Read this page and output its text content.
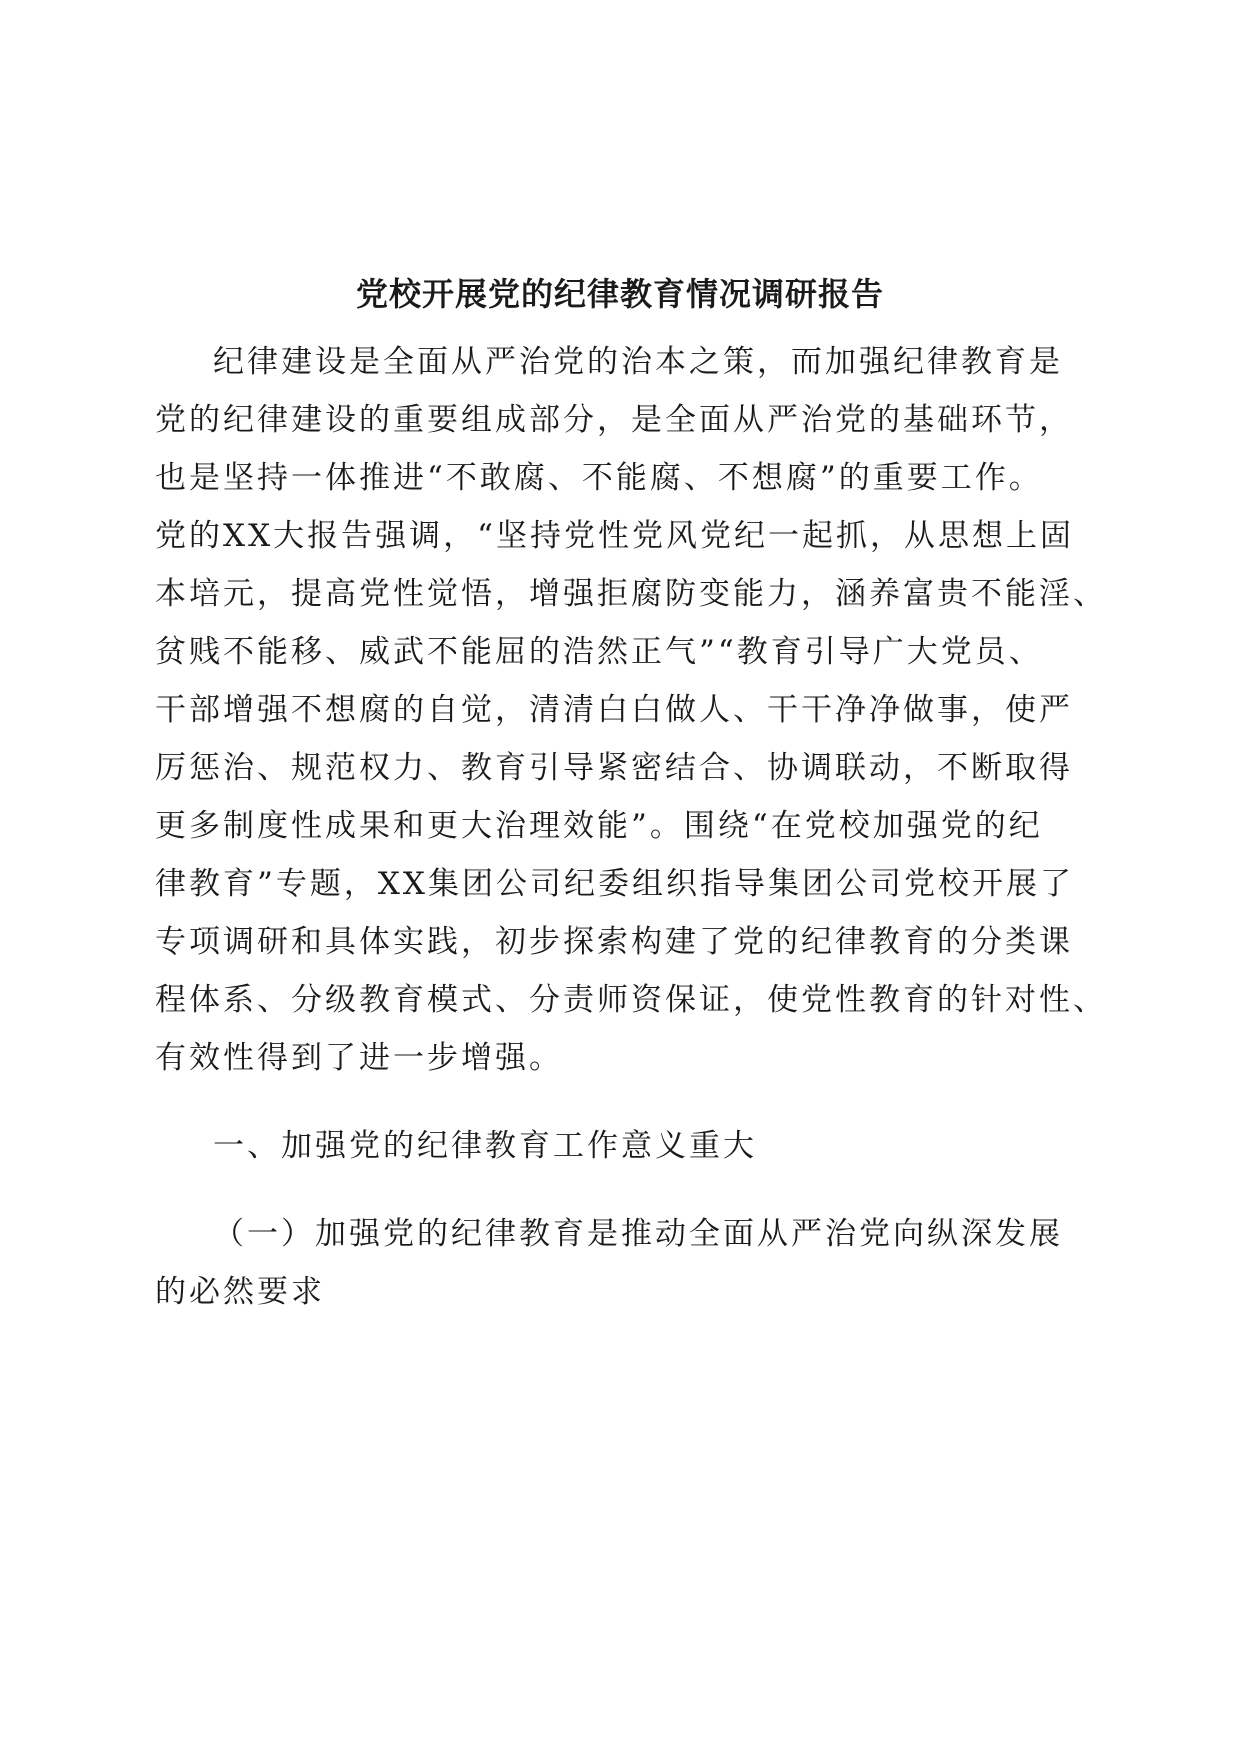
党校开展党的纪律教育情况调研报告

纪律建设是全面从严治党的治本之策，而加强纪律教育是

党的纪律建设的重要组成部分，是全面从严治党的基础环节，

也是坚持一体推进“不敢腐、不能腐、不想腐”的重要工作。

党的XX大报告强调，“坚持党性党风党纪一起抓，从思想上固

本培元，提高党性觉悟，增强拒腐防变能力，涵养富贵不能淫、

贫贱不能移、威武不能屈的浩然正气”“教育引导广大党员、

干部增强不想腐的自觉，清清白白做人、干干净净做事，使严

厉惩治、规范权力、教育引导紧密结合、协调联动，不断取得

更多制度性成果和更大治理效能”。围绕“在党校加强党的纪

律教育”专题，XX集团公司纪委组织指导集团公司党校开展了

专项调研和具体实践，初步探索构建了党的纪律教育的分类课

程体系、分级教育模式、分责师资保证，使党性教育的针对性、

有效性得到了进一步增强。

一、加强党的纪律教育工作意义重大

（一）加强党的纪律教育是推动全面从严治党向纵深发展

的必然要求
